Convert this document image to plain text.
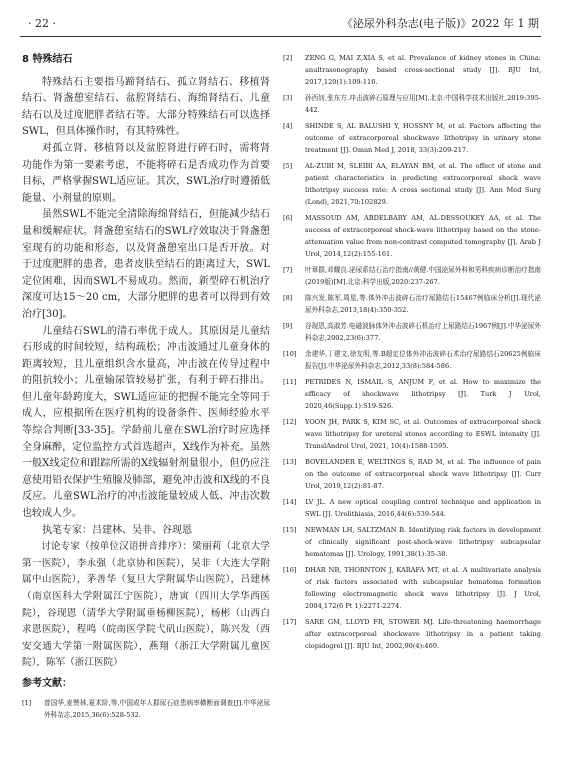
· 22 ·	《泌尿外科杂志(电子版)》2022 年 1 期
8 特殊结石

特殊结石主要指马蹄肾结石、孤立肾结石、移植肾结石、肾盏憩室结石、盆腔肾结石、海绵肾结石、儿童结石以及过度肥胖者结石等。大部分特殊结石可以选择SWL，但具体操作时，有其特殊性。

对孤立肾、移植肾以及盆腔肾进行碎石时，需将肾功能作为第一要素考虑，不能将碎石是否成功作为首要目标，严格掌握SWL适应证。其次，SWL治疗时遵循低能量、小剂量的原则。

虽然SWL不能完全清除海绵肾结石，但能减少结石量和缓解症状。肾盏憩室结石的SWL疗效取决于肾盏憩室现有的功能和形态，以及肾盏憩室出口是否开放。对于过度肥胖的患者，患者皮肤至结石的距离过大，SWL定位困难，因而SWL不易成功。然而，新型碎石机治疗深度可达15～20 cm，大部分肥胖的患者可以得到有效治疗[30]。

儿童结石SWL的清石率优于成人。其原因是儿童结石形成的时间较短，结构疏松；冲击波通过儿童身体的距离较短，且儿童组织含水量高，冲击波在传导过程中的阻抗较小；儿童输尿管较易扩张，有利于碎石排出。但儿童年龄跨度大，SWL适应证的把握不能完全等同于成人，应根据所在医疗机构的设备条件、医师经验水平等综合判断[33-35]。学龄前儿童在SWL治疗时应选择全身麻醉，定位监控方式首选超声，X线作为补充。虽然一般X线定位和跟踪所需的X线辐射剂量很小，但仍应注意使用铅衣保护生殖腺及肺部，避免冲击波和X线的不良反应。儿童SWL治疗的冲击波能量较成人低、冲击次数也较成人少。

执笔专家：吕建林、吴非、谷现恩

讨论专家（按单位汉语拼音排序）：梁丽莉（北京大学第一医院），李永强（北京协和医院），吴非（大连大学附属中山医院），茅善华（复旦大学附属华山医院），吕建林（南京医科大学附属江宁医院），唐寅（四川大学华西医院），谷现恩（清华大学附属垂杨柳医院），杨彬（山西白求恩医院），程鸣（皖南医学院弋矶山医院），陈兴发（西安交通大学第一附属医院），燕翔（浙江大学附属儿童医院），陈军（浙江医院）

参考文献：
[1]	曾国华,麦赞林,夏术阶,等.中国成年人群尿石症患病率横断面调查[J].中华泌尿外科杂志,2015,36(6):528-532.
[2]	ZENG G, MAI Z,XIA S, et al. Prevalence of kidney stones in China: anultrasonography based cross-sectional study [J]. BJU Int, 2017,120(1):109-116.
[3]	孙西钊,张东方.冲击波碎石原理与应用[M].北京:中国科学技术出版社,2019:395-442.
[4]	SHINDE S, AL BALUSHI Y, HOSSNY M, et al. Factors affecting the outcome of extracorporeal shockwave lithotripsy in urinary stone treatment [J]. Oman Med J, 2018, 33(3):209-217.
[5]	AL-ZUBI M, SLEIBI AA, ELAYAN BM, et al. The effect of stone and patient characteristics in predicting extracorporeal shock wave lithotripsy success rate: A cross sectional study [J]. Ann Med Surg (Lond), 2021,70:102829.
[6]	MASSOUD AM, ABDELBARY AM, AL-DESSOUKEY AA, et al. The success of extracorporeal shock-wave lithotripsy based on the stone-attenuation value from non-contrast computed tomography [J]. Arab J Urol, 2014,12(2):155-161.
[7]	叶章群,邓耀良.泌尿系结石治疗指南//黄健.中国泌尿外科和男科疾病诊断治疗指南(2019版)[M].北京:科学出版,2020:237-267.
[8]	陈兴发,陈军,周星,等.体外冲击波碎石治疗尿路结石15467例临床分析[J].现代泌尿外科杂志,2013,18(4):350-352.
[9]	谷现恩,高淑芳.电磁波脉体外冲击波碎石机治疗上尿路结石1967例[J].中华泌尿外科杂志,2002,23(6):377.
[10]	余建华,丁建文,徐友明,等.B超定位体外冲击波碎石术治疗尿路结石20625例临床报告[J].中华泌尿外科杂志,2012,33(8):584-586.
[11]	PETRIDES N, ISMAIL S, ANJUM F, et al. How to maximize the efficacy of shockwave lithotripsy [J]. Turk J Urol, 2020,46(Supp.1):S19-S26.
[12]	YOON JH, PARK S, KIM SC, et al. Outcomes of extracorporeal shock wave lithotripsy for ureteral stones according to ESWL intensity [J]. TranslAndrol Urol, 2021, 10(4):1588-1595.
[13]	BOVELANDER E, WELTINGS S, RAD M, et al. The influence of pain on the outcome of extracorporeal shock wave lithotripsy [J]. Curr Urol, 2019,12(2):81-87.
[14]	LV JL. A new optical coupling control technique and application in SWL [J]. Urolithiasis, 2016,44(6):539-544.
[15]	NEWMAN LH, SALTZMAN B. Identifying risk factors in development of clinically significant post-shock-wave lithotripsy subcapsular hematomas [J]. Urology, 1991,38(1):35-38.
[16]	DHAR NB, THORNTON J, KARAFA MT, et al. A multivariate analysis of risk factors associated with subcapsular hematoma formation following electromagnetic shock wave lithotripsy [J]. J Urol, 2004,172(6 Pt 1):2271-2274.
[17]	SARE GM, LLOYD FR, STOWER MJ. Life-threatening haemorrhage after extracorporeal shockwave lithotripsy in a patient taking clopidogrel [J]. BJU Int, 2002,90(4):469.
